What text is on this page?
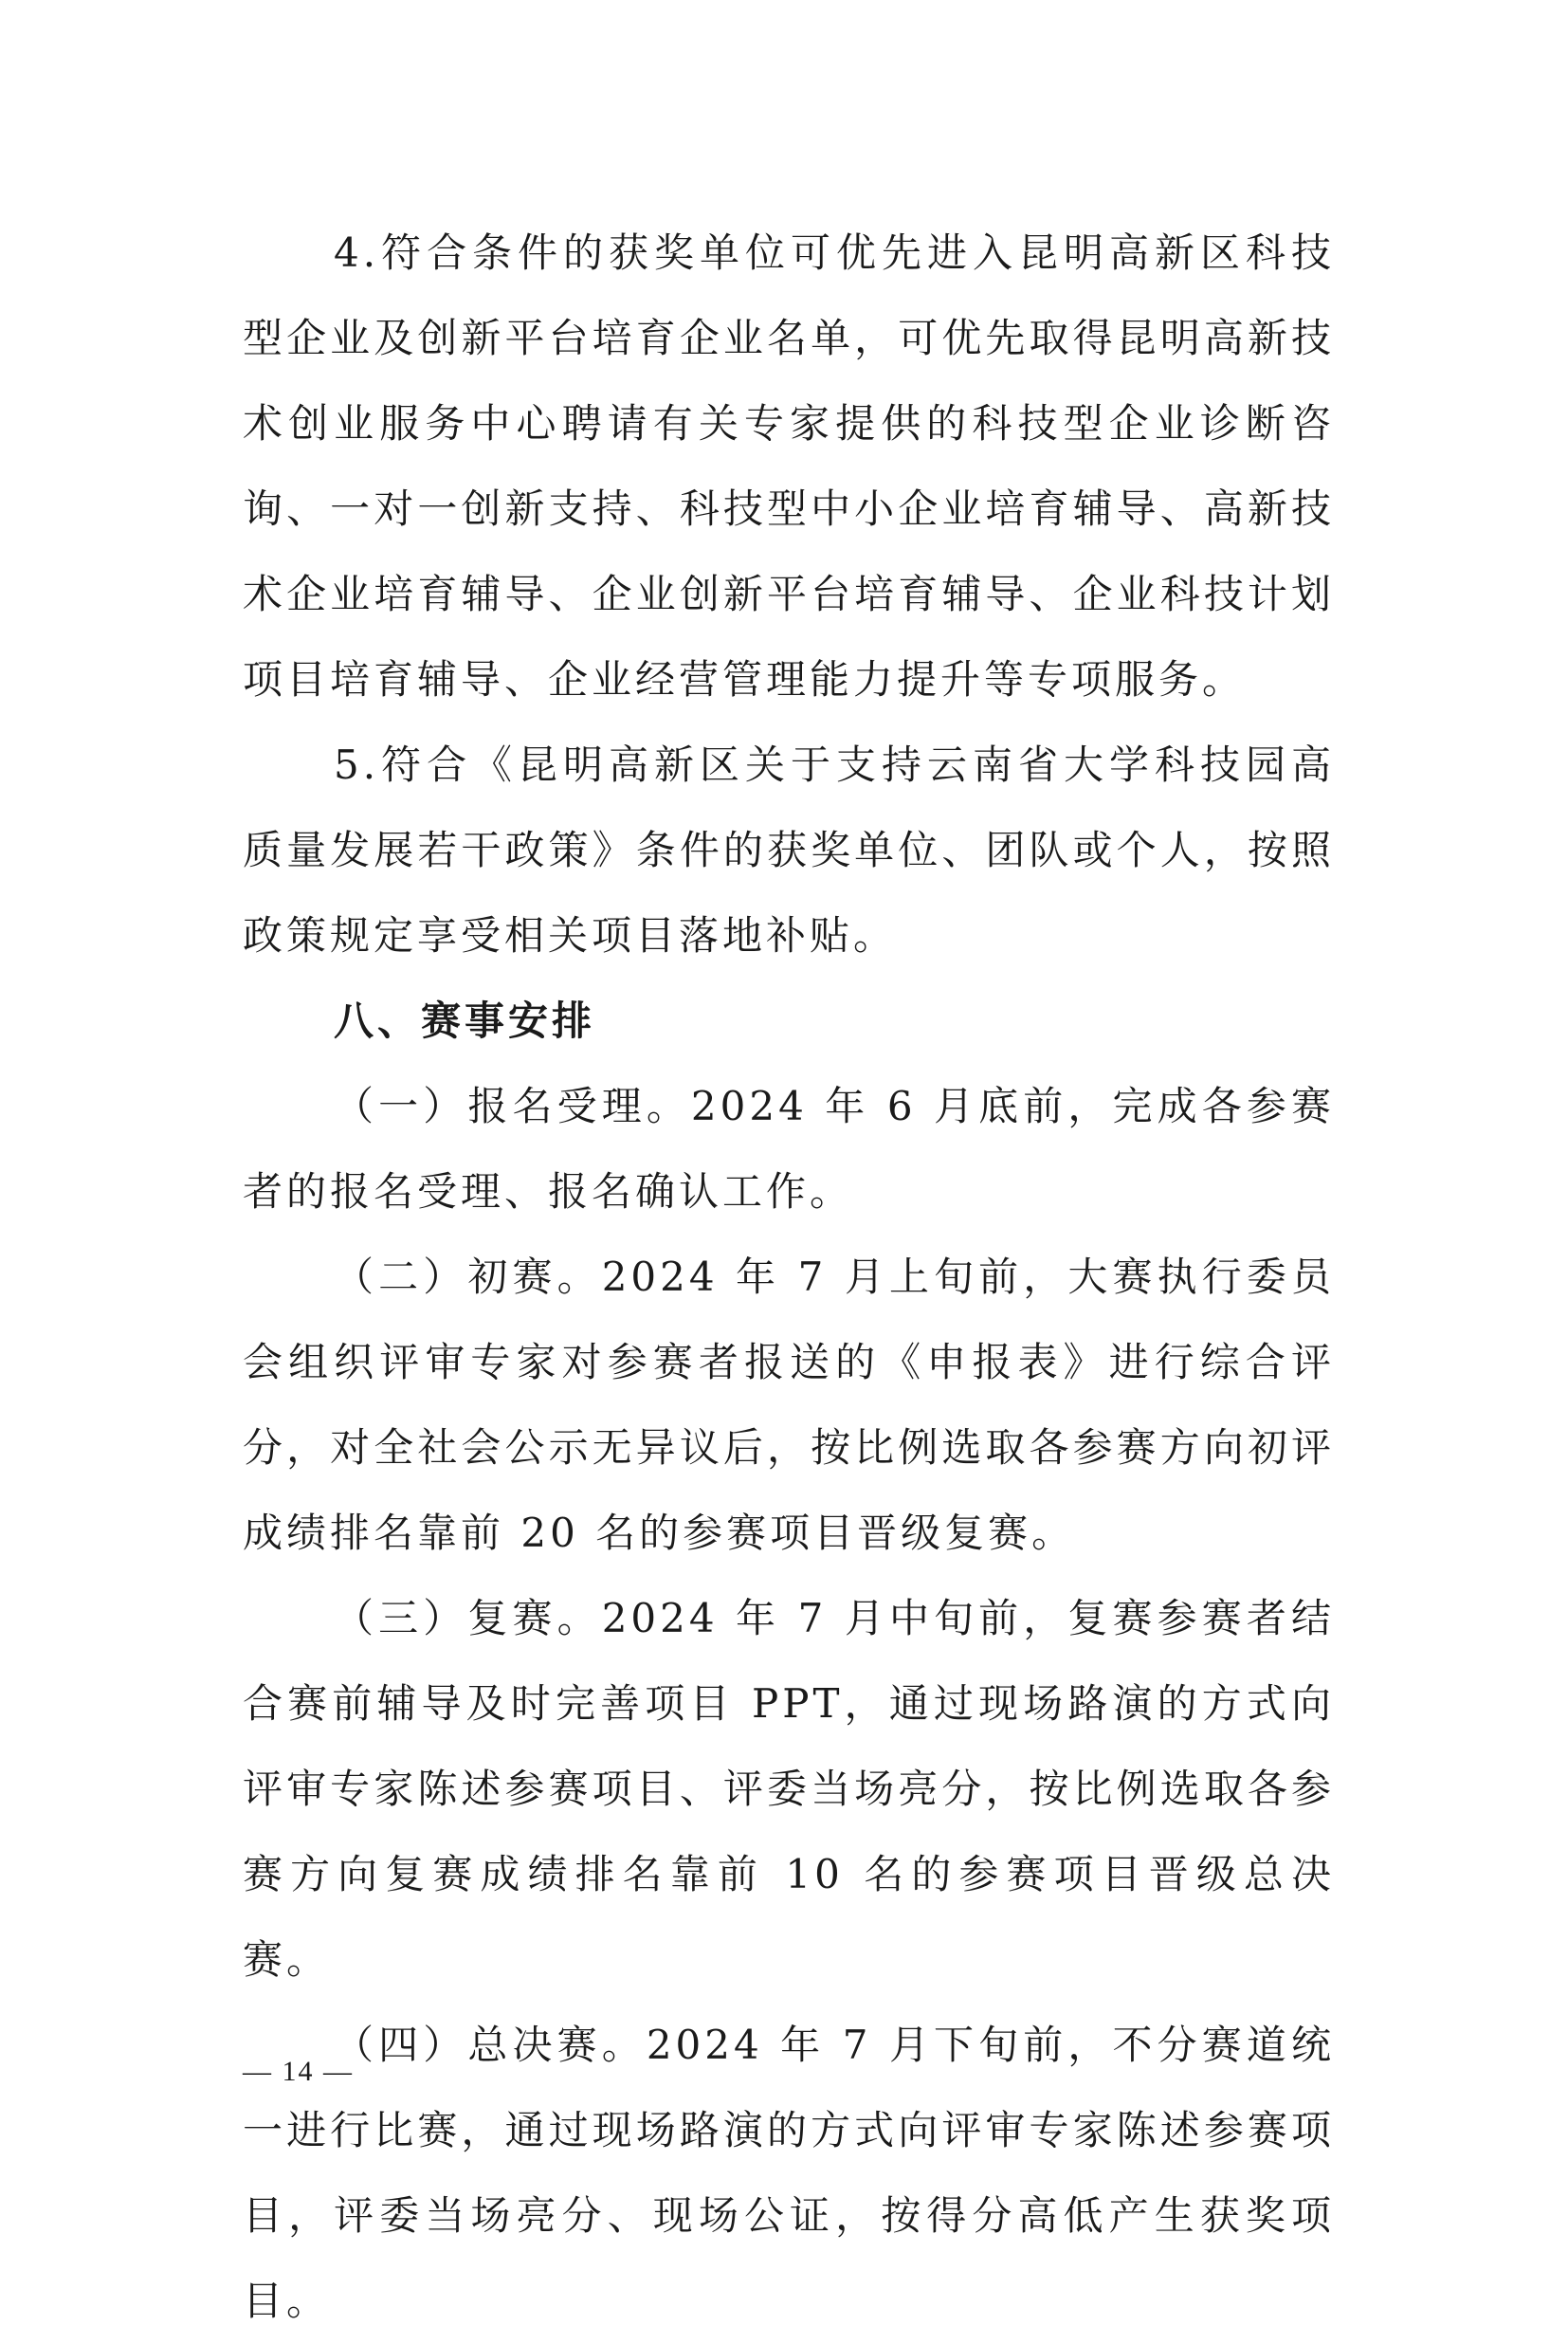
4.符合条件的获奖单位可优先进入昆明高新区科技型企业及创新平台培育企业名单，可优先取得昆明高新技术创业服务中心聘请有关专家提供的科技型企业诊断咨询、一对一创新支持、科技型中小企业培育辅导、高新技术企业培育辅导、企业创新平台培育辅导、企业科技计划项目培育辅导、企业经营管理能力提升等专项服务。

5.符合《昆明高新区关于支持云南省大学科技园高质量发展若干政策》条件的获奖单位、团队或个人，按照政策规定享受相关项目落地补贴。

八、赛事安排

（一）报名受理。2024 年 6 月底前，完成各参赛者的报名受理、报名确认工作。

（二）初赛。2024 年 7 月上旬前，大赛执行委员会组织评审专家对参赛者报送的《申报表》进行综合评分，对全社会公示无异议后，按比例选取各参赛方向初评成绩排名靠前 20 名的参赛项目晋级复赛。

（三）复赛。2024 年 7 月中旬前，复赛参赛者结合赛前辅导及时完善项目 PPT，通过现场路演的方式向评审专家陈述参赛项目、评委当场亮分，按比例选取各参赛方向复赛成绩排名靠前 10 名的参赛项目晋级总决赛。

（四）总决赛。2024 年 7 月下旬前，不分赛道统一进行比赛，通过现场路演的方式向评审专家陈述参赛项目，评委当场亮分、现场公证，按得分高低产生获奖项目。

— 14 —
